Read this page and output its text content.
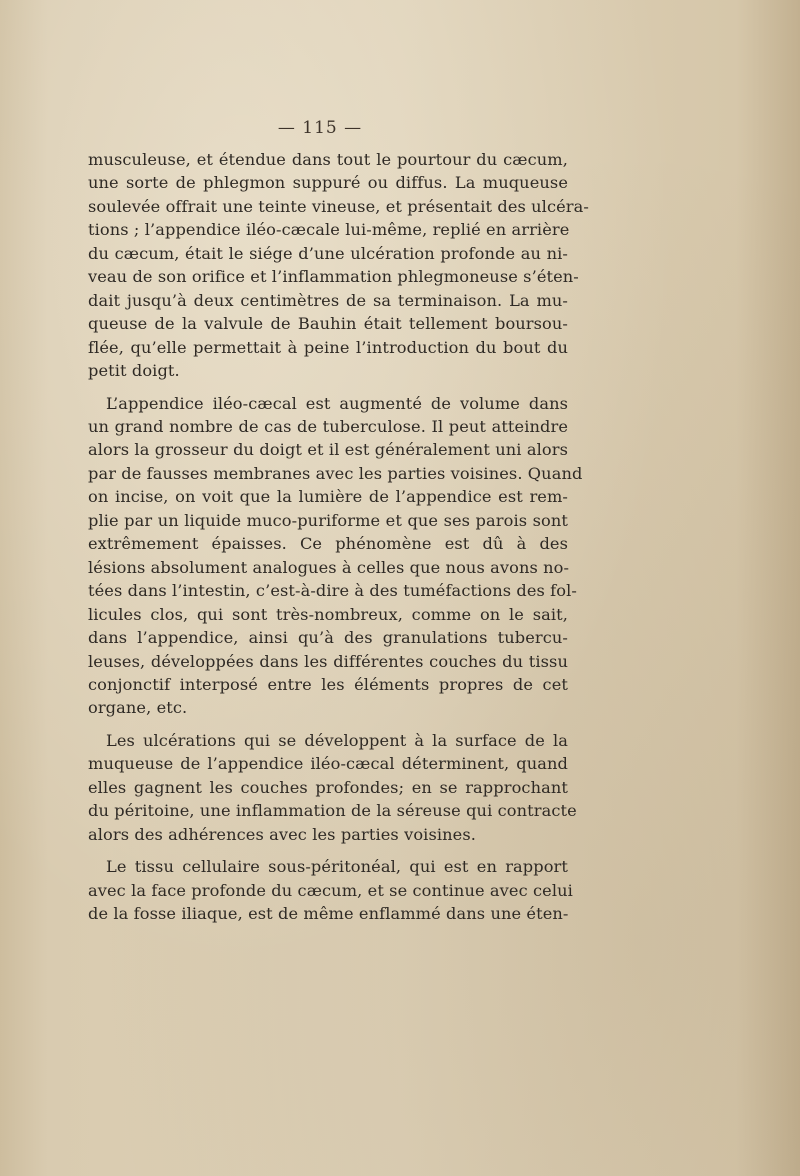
— 115 —
musculeuse, et étendue dans tout le pourtour du cæcum,
une sorte de phlegmon suppuré ou diffus. La muqueuse
soulevée offrait une teinte vineuse, et présentait des ulcéra-
tions ; l’appendice iléo-cæcale lui-même, replié en arrière
du cæcum, était le siége d’une ulcération profonde au ni-
veau de son orifice et l’inflammation phlegmoneuse s’éten-
dait jusqu’à deux centimètres de sa terminaison. La mu-
queuse de la valvule de Bauhin était tellement boursou-
flée, qu’elle permettait à peine l’introduction du bout du
petit doigt.
L’appendice iléo-cæcal est augmenté de volume dans
un grand nombre de cas de tuberculose. Il peut atteindre
alors la grosseur du doigt et il est généralement uni alors
par de fausses membranes avec les parties voisines. Quand
on incise, on voit que la lumière de l’appendice est rem-
plie par un liquide muco-puriforme et que ses parois sont
extrêmement épaisses. Ce phénomène est dû à des
lésions absolument analogues à celles que nous avons no-
tées dans l’intestin, c’est-à-dire à des tuméfactions des fol-
licules clos, qui sont très-nombreux, comme on le sait,
dans l’appendice, ainsi qu’à des granulations tubercu-
leuses, développées dans les différentes couches du tissu
conjonctif interposé entre les éléments propres de cet
organe, etc.
Les ulcérations qui se développent à la surface de la
muqueuse de l’appendice iléo-cæcal déterminent, quand
elles gagnent les couches profondes; en se rapprochant
du péritoine, une inflammation de la séreuse qui contracte
alors des adhérences avec les parties voisines.
Le tissu cellulaire sous-péritonéal, qui est en rapport
avec la face profonde du cæcum, et se continue avec celui
de la fosse iliaque, est de même enflammé dans une éten-
